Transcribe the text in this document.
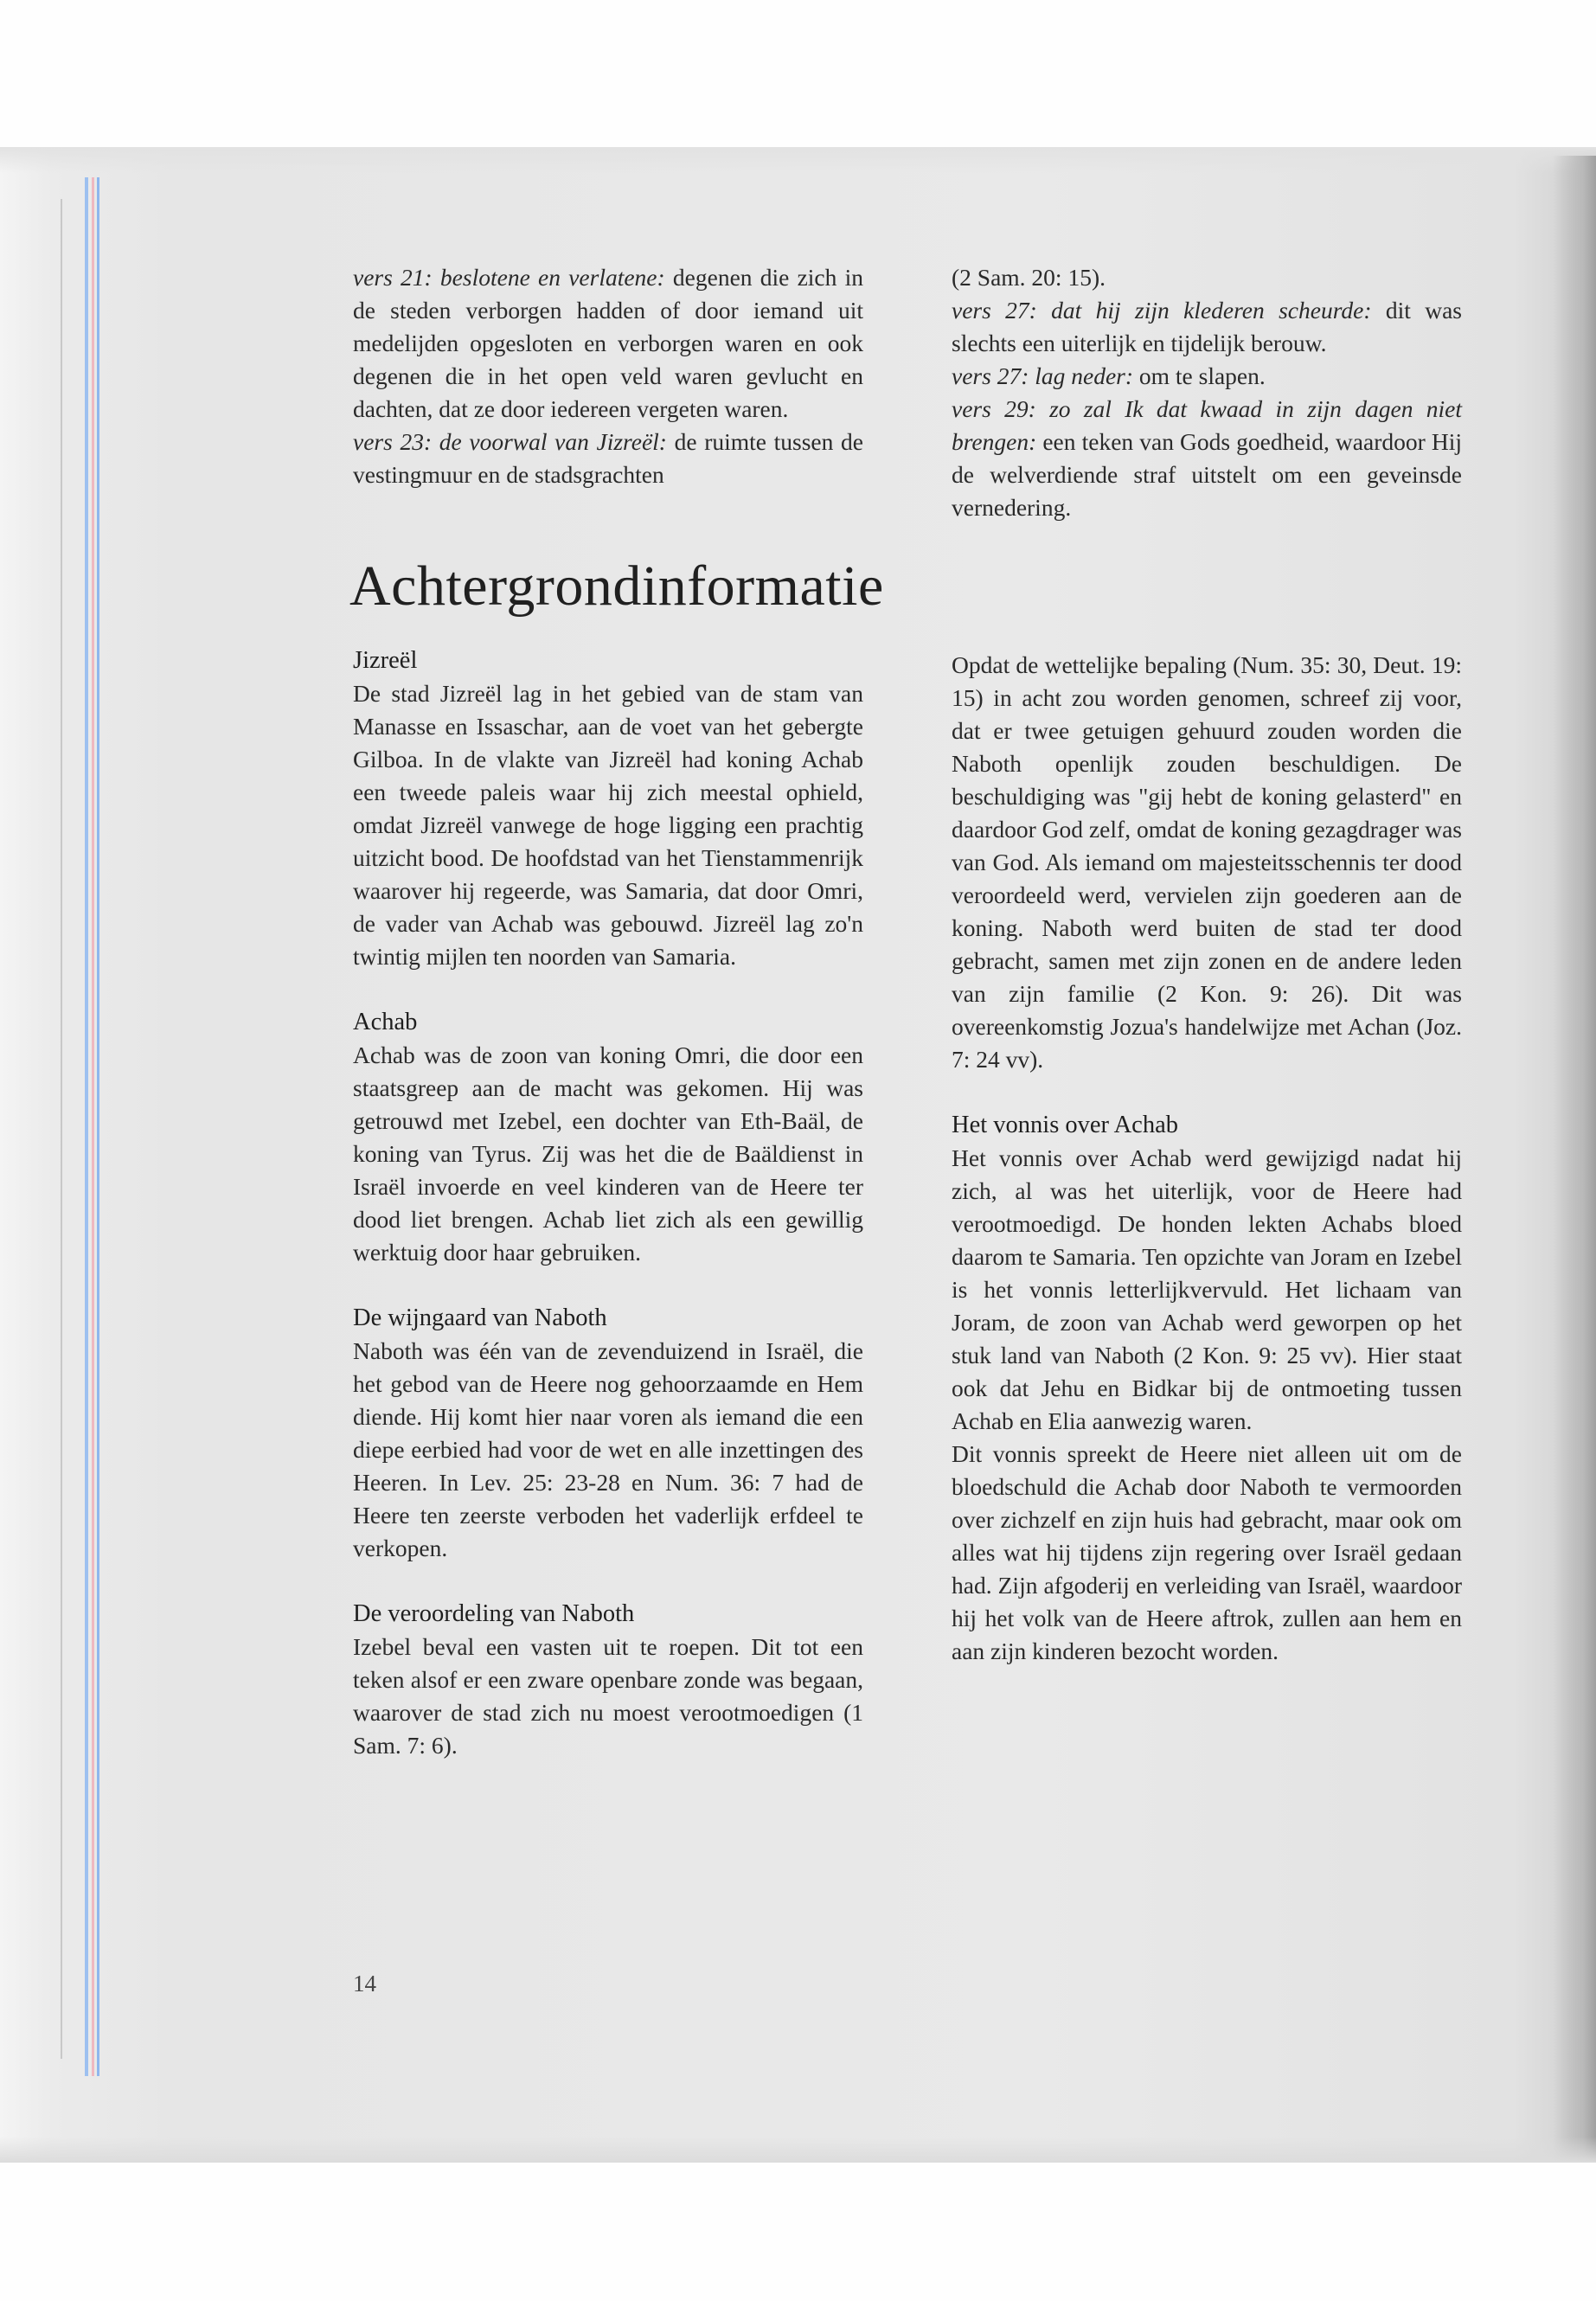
vers 21: beslotene en verlatene: degenen die zich in de steden verborgen hadden of door iemand uit medelijden opgesloten en verborgen waren en ook degenen die in het open veld waren gevlucht en dachten, dat ze door iedereen vergeten waren.

vers 23: de voorwal van Jizreël: de ruimte tussen de vestingmuur en de stadsgrachten

(2 Sam. 20: 15).

vers 27: dat hij zijn klederen scheurde: dit was slechts een uiterlijk en tijdelijk berouw.

vers 27: lag neder: om te slapen.

vers 29: zo zal Ik dat kwaad in zijn dagen niet brengen: een teken van Gods goedheid, waardoor Hij de welverdiende straf uitstelt om een geveinsde vernedering.

Achtergrondinformatie
Jizreël

De stad Jizreël lag in het gebied van de stam van Manasse en Issaschar, aan de voet van het gebergte Gilboa. In de vlakte van Jizreël had koning Achab een tweede paleis waar hij zich meestal ophield, omdat Jizreël vanwege de hoge ligging een prachtig uitzicht bood. De hoofdstad van het Tienstammenrijk waarover hij regeerde, was Samaria, dat door Omri, de vader van Achab was gebouwd. Jizreël lag zo'n twintig mijlen ten noorden van Samaria.

Achab

Achab was de zoon van koning Omri, die door een staatsgreep aan de macht was gekomen. Hij was getrouwd met Izebel, een dochter van Eth-Baäl, de koning van Tyrus. Zij was het die de Baäldienst in Israël invoerde en veel kinderen van de Heere ter dood liet brengen. Achab liet zich als een gewillig werktuig door haar gebruiken.

De wijngaard van Naboth

Naboth was één van de zevenduizend in Israël, die het gebod van de Heere nog gehoorzaamde en Hem diende. Hij komt hier naar voren als iemand die een diepe eerbied had voor de wet en alle inzettingen des Heeren. In Lev. 25: 23-28 en Num. 36: 7 had de Heere ten zeerste verboden het vaderlijk erfdeel te verkopen.

De veroordeling van Naboth

Izebel beval een vasten uit te roepen. Dit tot een teken alsof er een zware openbare zonde was begaan, waarover de stad zich nu moest verootmoedigen (1 Sam. 7: 6).

Opdat de wettelijke bepaling (Num. 35: 30, Deut. 19: 15) in acht zou worden genomen, schreef zij voor, dat er twee getuigen gehuurd zouden worden die Naboth openlijk zouden beschuldigen. De beschuldiging was "gij hebt de koning gelasterd" en daardoor God zelf, omdat de koning gezagdrager was van God. Als iemand om majesteitsschennis ter dood veroordeeld werd, vervielen zijn goederen aan de koning. Naboth werd buiten de stad ter dood gebracht, samen met zijn zonen en de andere leden van zijn familie (2 Kon. 9: 26). Dit was overeenkomstig Jozua's handelwijze met Achan (Joz. 7: 24 vv).

Het vonnis over Achab

Het vonnis over Achab werd gewijzigd nadat hij zich, al was het uiterlijk, voor de Heere had verootmoedigd. De honden lekten Achabs bloed daarom te Samaria. Ten opzichte van Joram en Izebel is het vonnis letterlijkvervuld. Het lichaam van Joram, de zoon van Achab werd geworpen op het stuk land van Naboth (2 Kon. 9: 25 vv). Hier staat ook dat Jehu en Bidkar bij de ontmoeting tussen Achab en Elia aanwezig waren.

Dit vonnis spreekt de Heere niet alleen uit om de bloedschuld die Achab door Naboth te vermoorden over zichzelf en zijn huis had gebracht, maar ook om alles wat hij tijdens zijn regering over Israël gedaan had. Zijn afgoderij en verleiding van Israël, waardoor hij het volk van de Heere aftrok, zullen aan hem en aan zijn kinderen bezocht worden.

14
